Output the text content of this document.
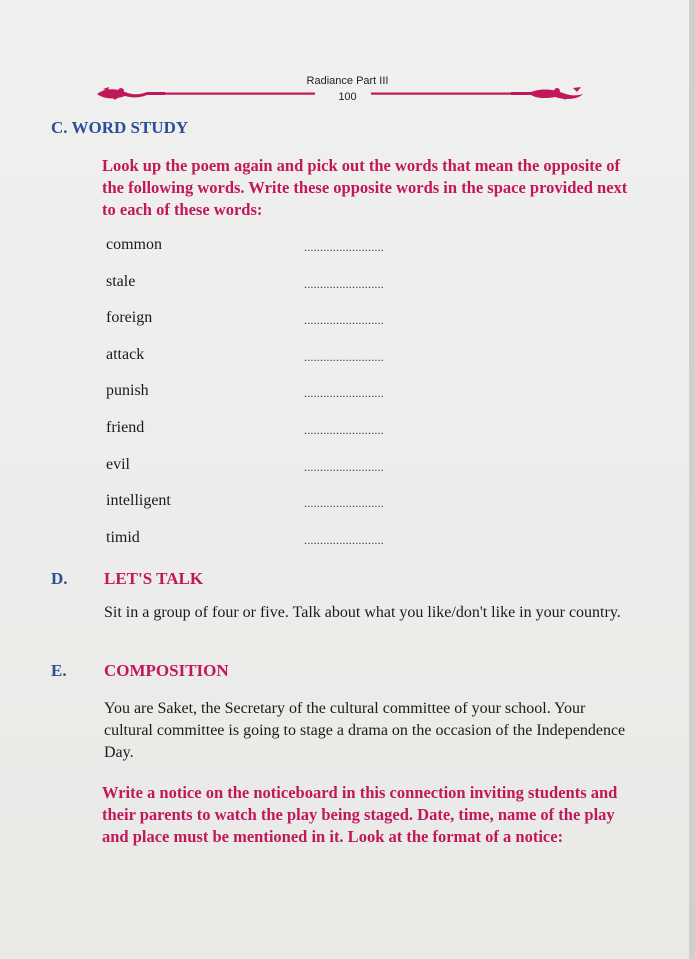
Radiance Part III
100
C. WORD STUDY
Look up the poem again and pick out the words that mean the opposite of the following words. Write these opposite words in the space provided next to each of these words:
common	.........................
stale	.........................
foreign	.........................
attack	.........................
punish	.........................
friend	.........................
evil	.........................
intelligent	.........................
timid	.........................
D. LET'S TALK
Sit in a group of four or five. Talk about what you like/don't like in your country.
E. COMPOSITION
You are Saket, the Secretary of the cultural committee of your school. Your cultural committee is going to stage a drama on the occasion of the Independence Day.
Write a notice on the noticeboard in this connection inviting students and their parents to watch the play being staged. Date, time, name of the play and place must be mentioned in it. Look at the format of a notice:
